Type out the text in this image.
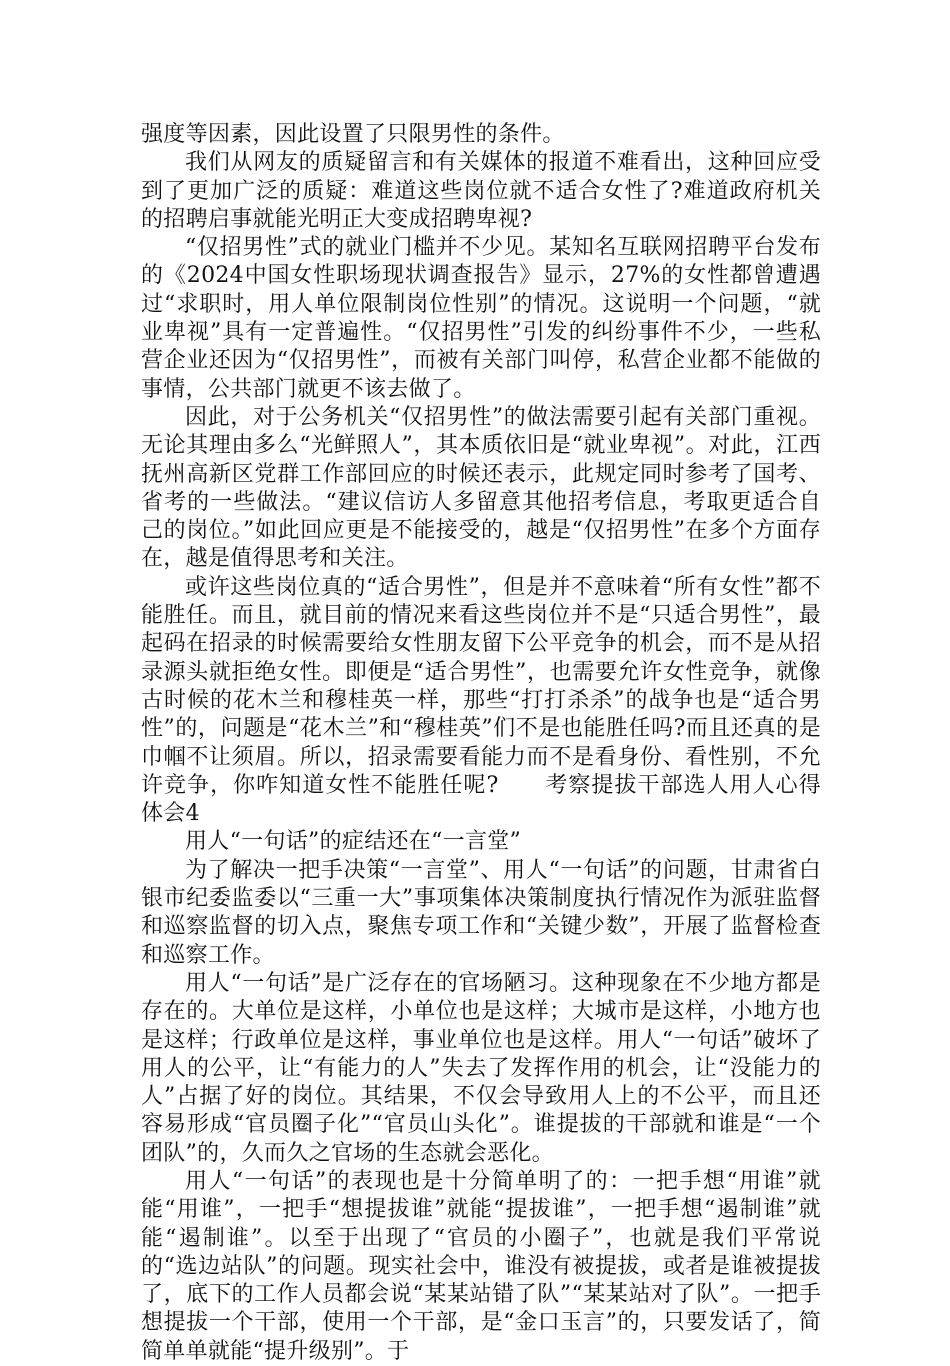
强度等因素，因此设置了只限男性的条件。

我们从网友的质疑留言和有关媒体的报道不难看出，这种回应受到了更加广泛的质疑：难道这些岗位就不适合女性了?难道政府机关的招聘启事就能光明正大变成招聘卑视?

“仅招男性”式的就业门槛并不少见。某知名互联网招聘平台发布的《2024中国女性职场现状调查报告》显示，27%的女性都曾遭遇过“求职时，用人单位限制岗位性别”的情况。这说明一个问题，“就业卑视”具有一定普遍性。“仅招男性”引发的纠纷事件不少，一些私营企业还因为“仅招男性”，而被有关部门叫停，私营企业都不能做的事情，公共部门就更不该去做了。

因此，对于公务机关“仅招男性”的做法需要引起有关部门重视。无论其理由多么“光鲜照人”，其本质依旧是“就业卑视”。对此，江西抚州高新区党群工作部回应的时候还表示，此规定同时参考了国考、省考的一些做法。“建议信访人多留意其他招考信息，考取更适合自己的岗位。”如此回应更是不能接受的，越是“仅招男性”在多个方面存在，越是值得思考和关注。

或许这些岗位真的“适合男性”，但是并不意味着“所有女性”都不能胜任。而且，就目前的情况来看这些岗位并不是“只适合男性”，最起码在招录的时候需要给女性朋友留下公平竞争的机会，而不是从招录源头就拒绝女性。即便是“适合男性”，也需要允许女性竞争，就像古时候的花木兰和穆桂英一样，那些“打打杀杀”的战争也是“适合男性”的，问题是“花木兰”和“穆桂英”们不是也能胜任吗?而且还真的是巾帼不让须眉。所以，招录需要看能力而不是看身份、看性别，不允许竞争，你咋知道女性不能胜任呢?　　考察提拔干部选人用人心得体会4

用人“一句话”的症结还在“一言堂”

为了解决一把手决策“一言堂”、用人“一句话”的问题，甘肃省白银市纪委监委以“三重一大”事项集体决策制度执行情况作为派驻监督和巡察监督的切入点，聚焦专项工作和“关键少数”，开展了监督检查和巡察工作。

用人“一句话”是广泛存在的官场陋习。这种现象在不少地方都是存在的。大单位是这样，小单位也是这样；大城市是这样，小地方也是这样；行政单位是这样，事业单位也是这样。用人“一句话”破坏了用人的公平，让“有能力的人”失去了发挥作用的机会，让“没能力的人”占据了好的岗位。其结果，不仅会导致用人上的不公平，而且还容易形成“官员圈子化”“官员山头化”。谁提拔的干部就和谁是“一个团队”的，久而久之官场的生态就会恶化。

用人“一句话”的表现也是十分简单明了的：一把手想“用谁”就能“用谁”，一把手“想提拔谁”就能“提拔谁”，一把手想“遏制谁”就能“遏制谁”。以至于出现了“官员的小圈子”，也就是我们平常说的“选边站队”的问题。现实社会中，谁没有被提拔，或者是谁被提拔了，底下的工作人员都会说“某某站错了队”“某某站对了队”。一把手想提拔一个干部，使用一个干部，是“金口玉言”的，只要发话了，简简单单就能“提升级别”。于
